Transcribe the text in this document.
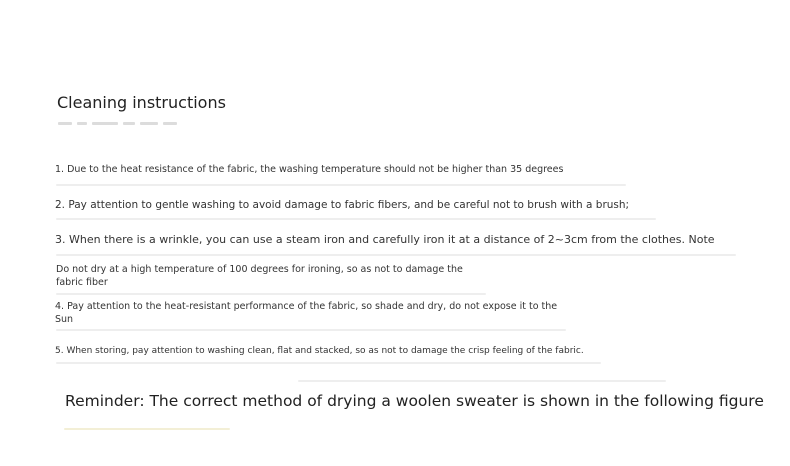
Cleaning instructions
1. Due to the heat resistance of the fabric, the washing temperature should not be higher than 35 degrees
2. Pay attention to gentle washing to avoid damage to fabric fibers, and be careful not to brush with a brush;
3. When there is a wrinkle, you can use a steam iron and carefully iron it at a distance of 2~3cm from the clothes. Note
Do not dry at a high temperature of 100 degrees for ironing, so as not to damage the
fabric fiber
4. Pay attention to the heat-resistant performance of the fabric, so shade and dry, do not expose it to the
Sun
5. When storing, pay attention to washing clean, flat and stacked, so as not to damage the crisp feeling of the fabric.
Reminder: The correct method of drying a woolen sweater is shown in the following figure
